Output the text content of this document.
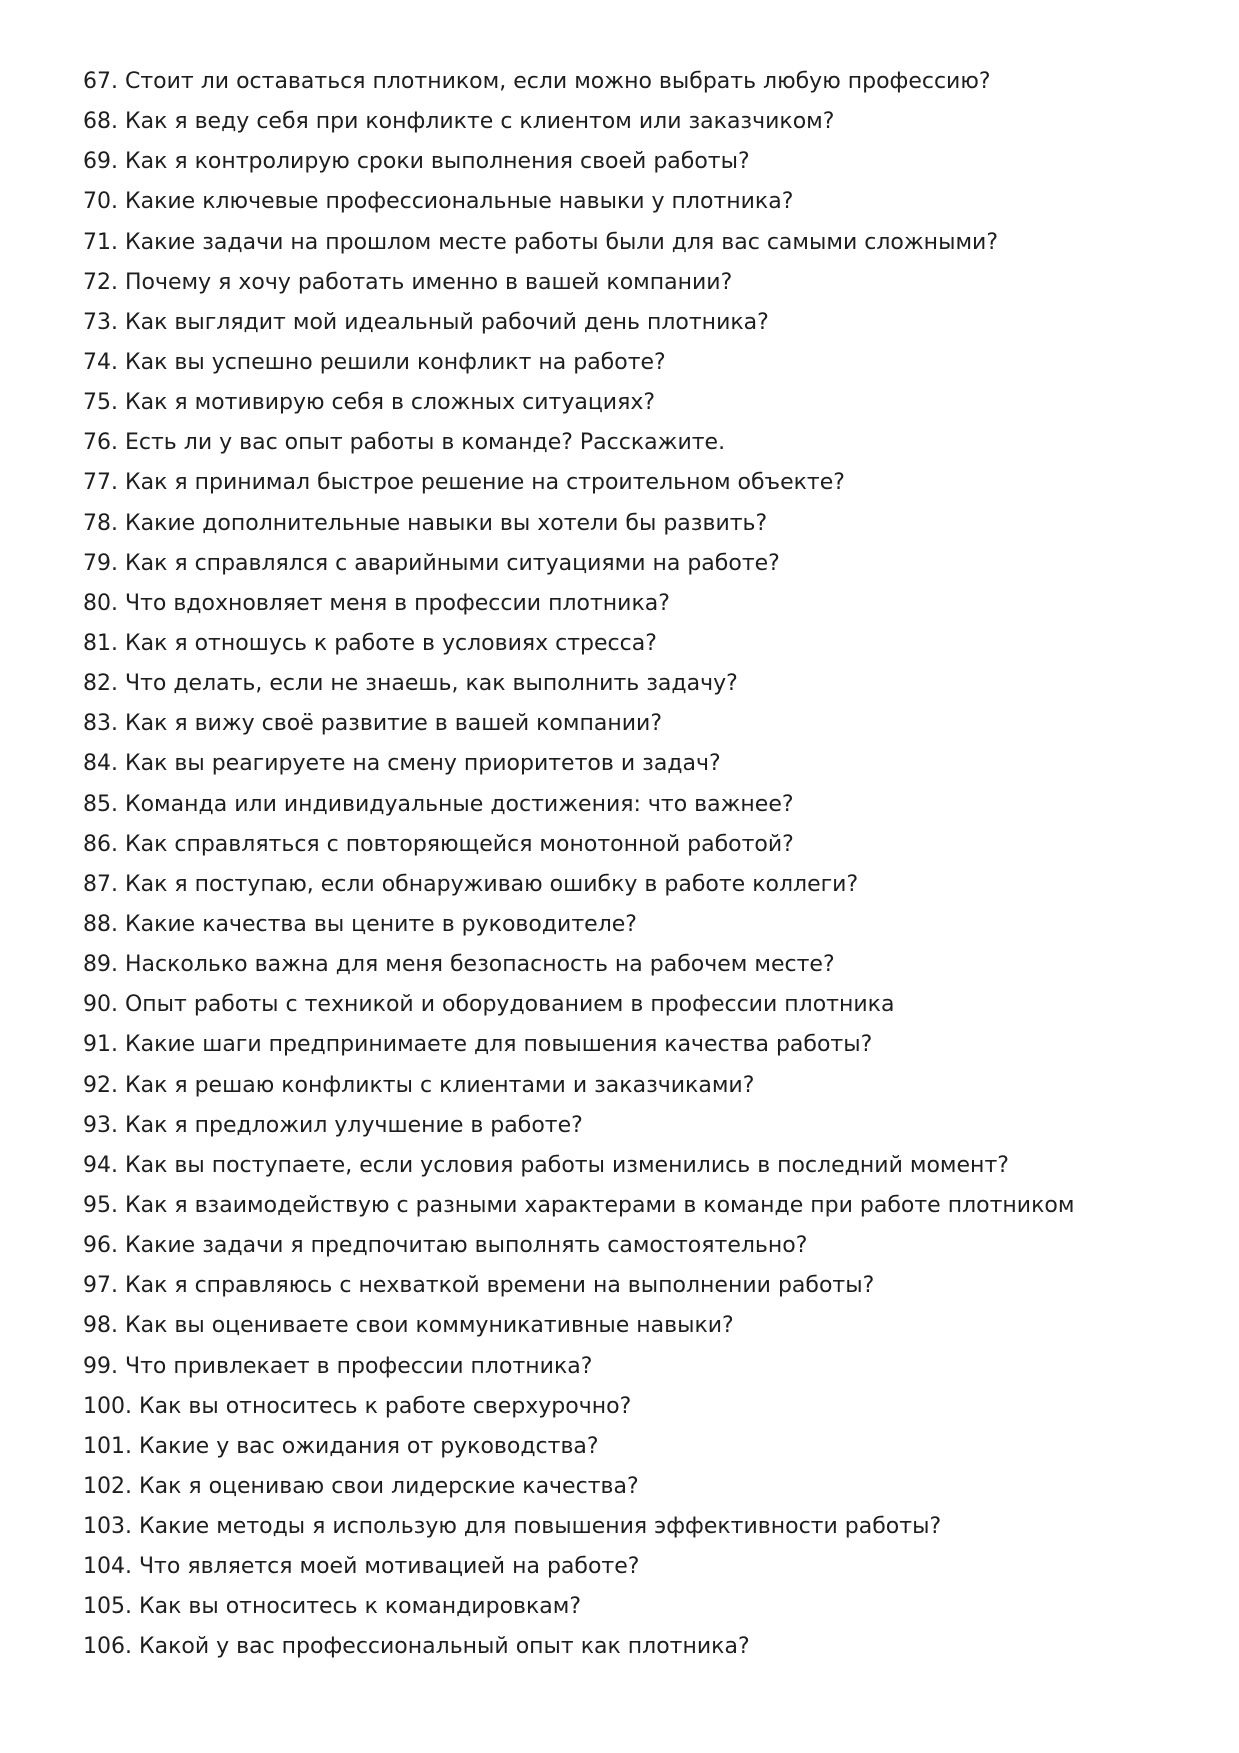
67. Стоит ли оставаться плотником, если можно выбрать любую профессию?
68. Как я веду себя при конфликте с клиентом или заказчиком?
69. Как я контролирую сроки выполнения своей работы?
70. Какие ключевые профессиональные навыки у плотника?
71. Какие задачи на прошлом месте работы были для вас самыми сложными?
72. Почему я хочу работать именно в вашей компании?
73. Как выглядит мой идеальный рабочий день плотника?
74. Как вы успешно решили конфликт на работе?
75. Как я мотивирую себя в сложных ситуациях?
76. Есть ли у вас опыт работы в команде? Расскажите.
77. Как я принимал быстрое решение на строительном объекте?
78. Какие дополнительные навыки вы хотели бы развить?
79. Как я справлялся с аварийными ситуациями на работе?
80. Что вдохновляет меня в профессии плотника?
81. Как я отношусь к работе в условиях стресса?
82. Что делать, если не знаешь, как выполнить задачу?
83. Как я вижу своё развитие в вашей компании?
84. Как вы реагируете на смену приоритетов и задач?
85. Команда или индивидуальные достижения: что важнее?
86. Как справляться с повторяющейся монотонной работой?
87. Как я поступаю, если обнаруживаю ошибку в работе коллеги?
88. Какие качества вы цените в руководителе?
89. Насколько важна для меня безопасность на рабочем месте?
90. Опыт работы с техникой и оборудованием в профессии плотника
91. Какие шаги предпринимаете для повышения качества работы?
92. Как я решаю конфликты с клиентами и заказчиками?
93. Как я предложил улучшение в работе?
94. Как вы поступаете, если условия работы изменились в последний момент?
95. Как я взаимодействую с разными характерами в команде при работе плотником
96. Какие задачи я предпочитаю выполнять самостоятельно?
97. Как я справляюсь с нехваткой времени на выполнении работы?
98. Как вы оцениваете свои коммуникативные навыки?
99. Что привлекает в профессии плотника?
100. Как вы относитесь к работе сверхурочно?
101. Какие у вас ожидания от руководства?
102. Как я оцениваю свои лидерские качества?
103. Какие методы я использую для повышения эффективности работы?
104. Что является моей мотивацией на работе?
105. Как вы относитесь к командировкам?
106. Какой у вас профессиональный опыт как плотника?
